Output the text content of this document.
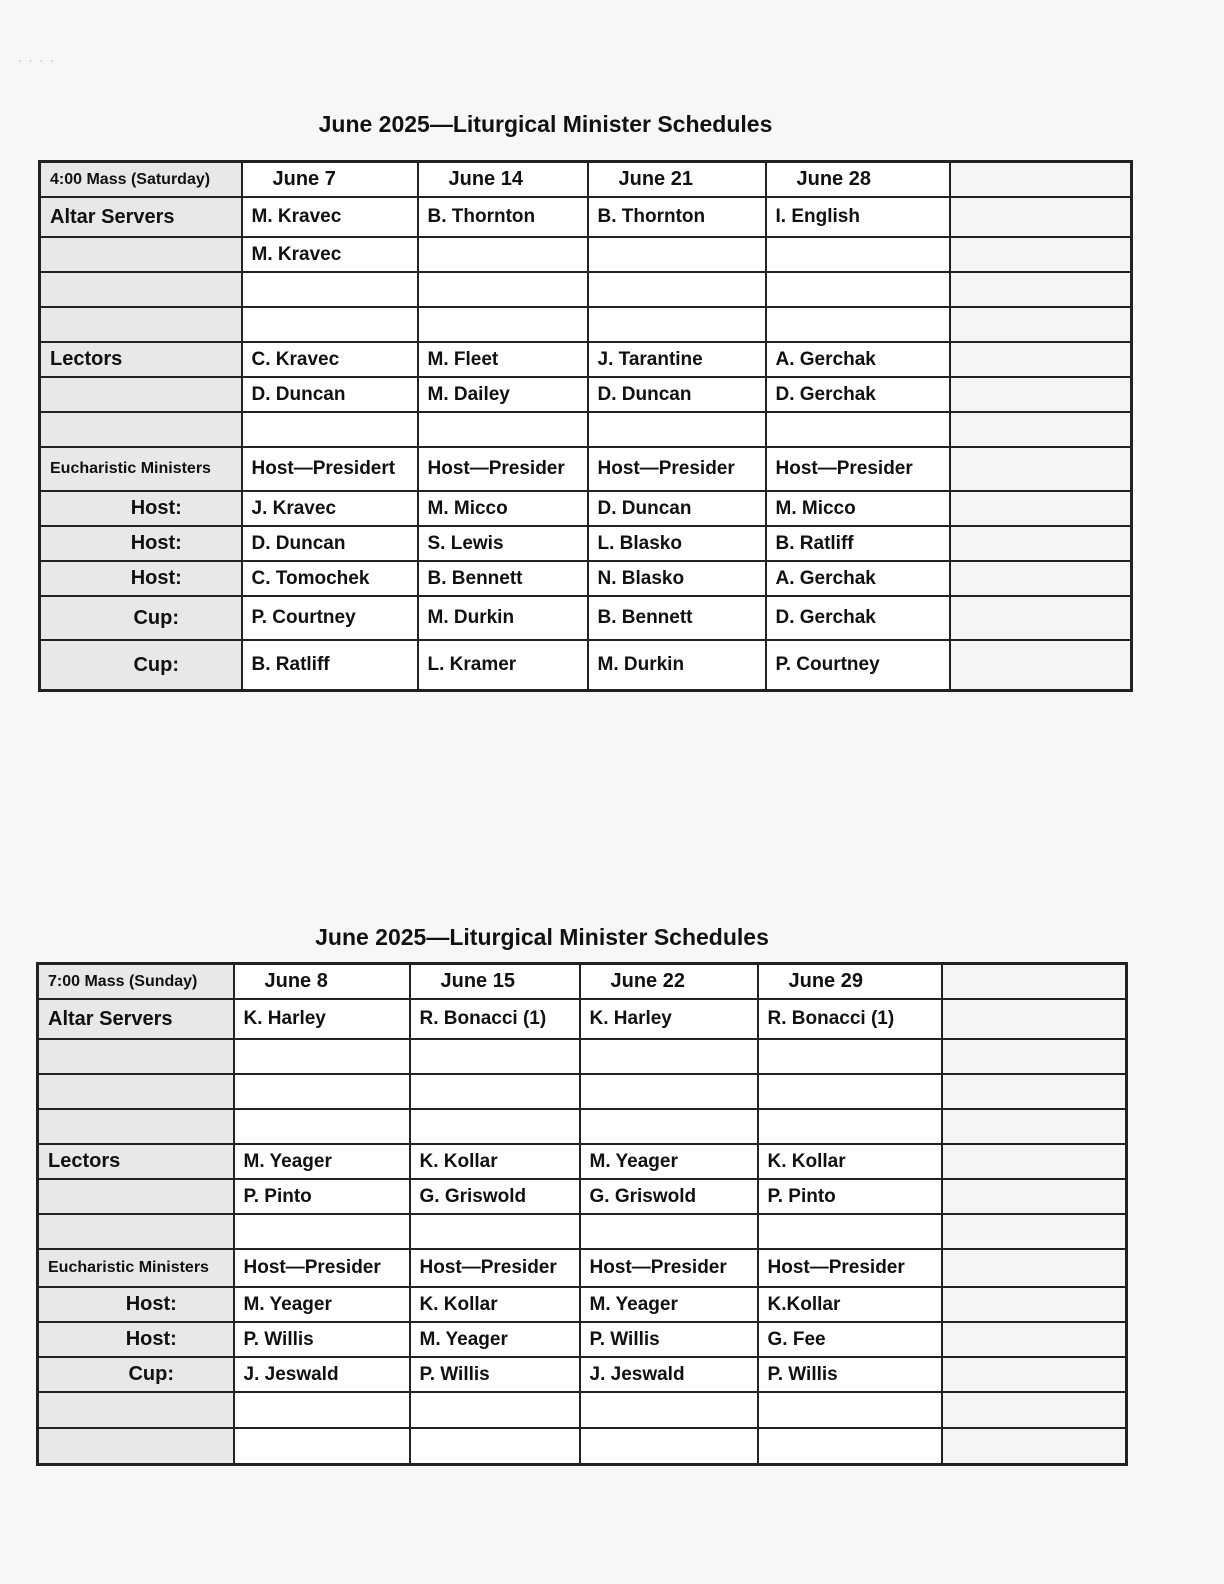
· · · ·
June 2025—Liturgical Minister Schedules
4:00 Mass (Saturday)	June 7	June 14	June 21	June 28	
Altar Servers	M. Kravec	B. Thornton	B. Thornton	I. English	
	M. Kravec				

Lectors	C. Kravec	M. Fleet	J. Tarantine	A. Gerchak	
	D. Duncan	M. Dailey	D. Duncan	D. Gerchak	

Eucharistic Ministers	Host—Presidert	Host—Presider	Host—Presider	Host—Presider	
Host:	J. Kravec	M. Micco	D. Duncan	M. Micco	
Host:	D. Duncan	S. Lewis	L. Blasko	B. Ratliff	
Host:	C. Tomochek	B. Bennett	N. Blasko	A. Gerchak	
Cup:	P. Courtney	M. Durkin	B. Bennett	D. Gerchak	
Cup:	B. Ratliff	L. Kramer	M. Durkin	P. Courtney	
June 2025—Liturgical Minister Schedules
7:00 Mass (Sunday)	June 8	June 15	June 22	June 29	
Altar Servers	K. Harley	R. Bonacci (1)	K. Harley	R. Bonacci (1)	

Lectors	M. Yeager	K. Kollar	M. Yeager	K. Kollar	
	P. Pinto	G. Griswold	G. Griswold	P. Pinto	

Eucharistic Ministers	Host—Presider	Host—Presider	Host—Presider	Host—Presider	
Host:	M. Yeager	K. Kollar	M. Yeager	K.Kollar	
Host:	P. Willis	M. Yeager	P. Willis	G. Fee	
Cup:	J. Jeswald	P. Willis	J. Jeswald	P. Willis	
